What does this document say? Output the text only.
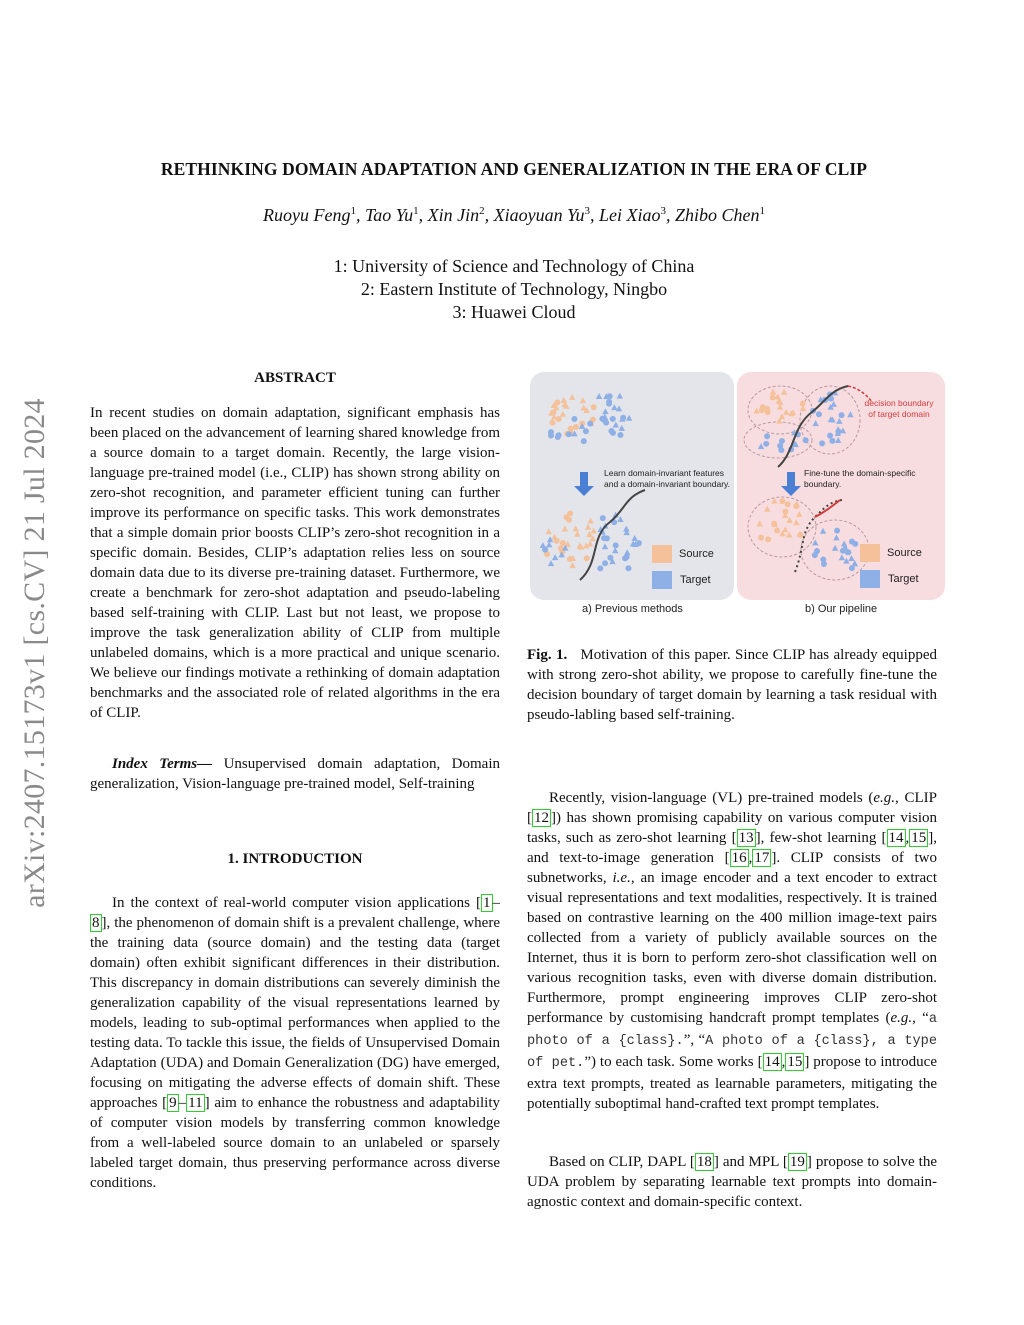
arXiv:2407.15173v1 [cs.CV] 21 Jul 2024
RETHINKING DOMAIN ADAPTATION AND GENERALIZATION IN THE ERA OF CLIP
Ruoyu Feng$^1$, Tao Yu$^1$, Xin Jin$^2$, Xiaoyuan Yu$^3$, Lei Xiao$^3$, Zhibo Chen$^1$
1: University of Science and Technology of China
2: Eastern Institute of Technology, Ningbo
3: Huawei Cloud
ABSTRACT
In recent studies on domain adaptation, significant emphasis has been placed on the advancement of learning shared knowledge from a source domain to a target domain. Recently, the large vision-language pre-trained model (i.e., CLIP) has shown strong ability on zero-shot recognition, and parameter efficient tuning can further improve its performance on specific tasks. This work demonstrates that a simple domain prior boosts CLIP’s zero-shot recognition in a specific domain. Besides, CLIP’s adaptation relies less on source domain data due to its diverse pre-training dataset. Furthermore, we create a benchmark for zero-shot adaptation and pseudo-labeling based self-training with CLIP. Last but not least, we propose to improve the task generalization ability of CLIP from multiple unlabeled domains, which is a more practical and unique scenario. We believe our findings motivate a rethinking of domain adaptation benchmarks and the associated role of related algorithms in the era of CLIP.
Index Terms— Unsupervised domain adaptation, Domain generalization, Vision-language pre-trained model, Self-training
1. INTRODUCTION
In the context of real-world computer vision applications [ 1 –8 ], the phenomenon of domain shift is a prevalent challenge, where the training data (source domain) and the testing data (target domain) often exhibit significant differences in their distribution. This discrepancy in domain distributions can severely diminish the generalization capability of the visual representations learned by models, leading to sub-optimal performances when applied to the testing data. To tackle this issue, the fields of Unsupervised Domain Adaptation (UDA) and Domain Generalization (DG) have emerged, focusing on mitigating the adverse effects of domain shift. These approaches [ 9 – 11 ] aim to enhance the robustness and adaptability of computer vision models by transferring common knowledge from a well-labeled source domain to an unlabeled or sparsely labeled target domain, thus preserving performance across diverse conditions.
Learn domain-invariant features and a domain-invariant boundary.
Fine-tune the domain-specific boundary.
decision boundary of target domain
Source
Target
Source
Target
a) Previous methods	b) Our pipeline
Fig. 1. Motivation of this paper. Since CLIP has already equipped with strong zero-shot ability, we propose to carefully fine-tune the decision boundary of target domain by learning a task residual with pseudo-labling based self-training.
Recently, vision-language (VL) pre-trained models (e.g., CLIP [ 12 ]) has shown promising capability on various computer vision tasks, such as zero-shot learning [ 13 ], few-shot learning [ 14 , 15 ], and text-to-image generation [ 16 , 17 ]. CLIP consists of two subnetworks, i.e., an image encoder and a text encoder to extract visual representations and text modalities, respectively. It is trained based on contrastive learning on the 400 million image-text pairs collected from a variety of publicly available sources on the Internet, thus it is born to perform zero-shot classification well on various recognition tasks, even with diverse domain distribution. Furthermore, prompt engineering improves CLIP zero-shot performance by customising handcraft prompt templates (e.g., “a photo of a {class}.”, “A photo of a {class}, a type of pet.”) to each task. Some works [ 14 , 15 ] propose to introduce extra text prompts, treated as learnable parameters, mitigating the potentially suboptimal hand-crafted text prompt templates.
Based on CLIP, DAPL [ 18 ] and MPL [ 19 ] propose to solve the UDA problem by separating learnable text prompts into domain-agnostic context and domain-specific context.
